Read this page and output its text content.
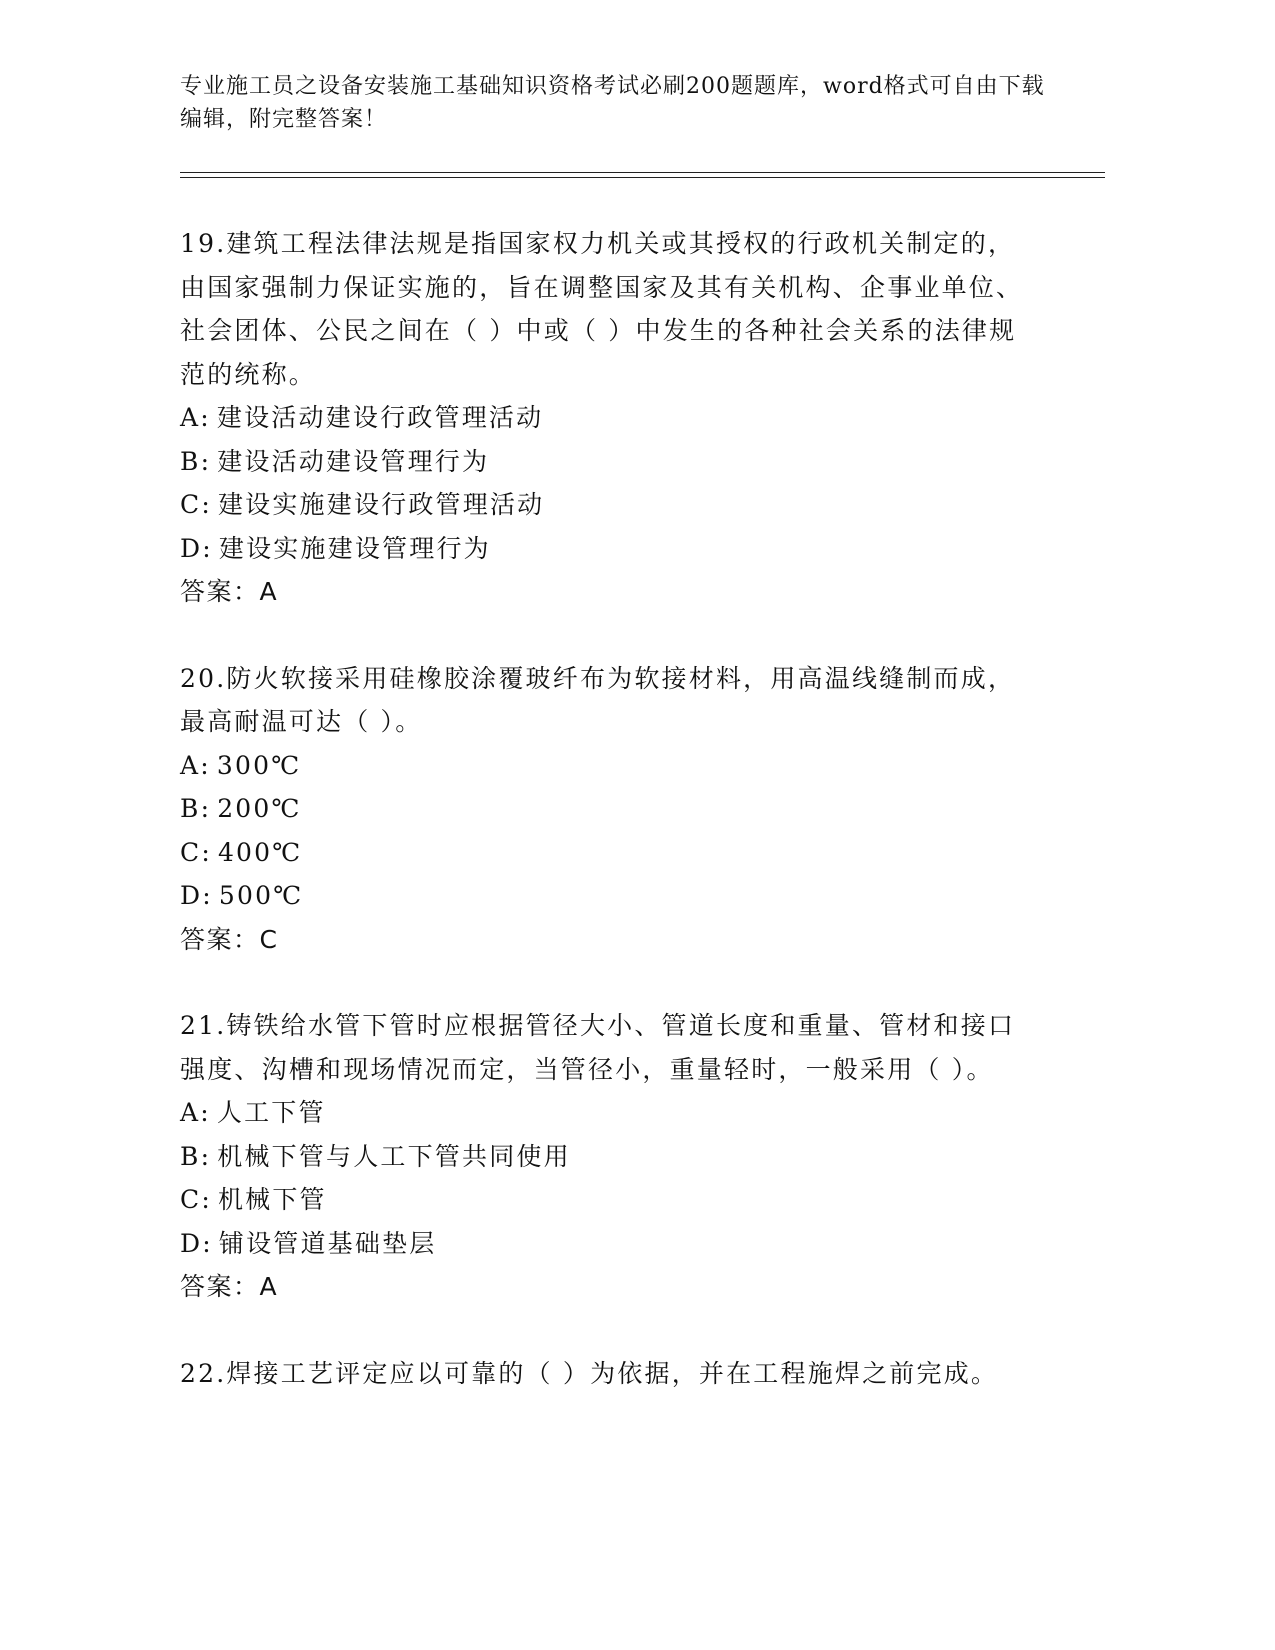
专业施工员之设备安装施工基础知识资格考试必刷200题题库，word格式可自由下载编辑，附完整答案！

19.建筑工程法律法规是指国家权力机关或其授权的行政机关制定的，由国家强制力保证实施的，旨在调整国家及其有关机构、企事业单位、社会团体、公民之间在（ ）中或（ ）中发生的各种社会关系的法律规范的统称。

A: 建设活动建设行政管理活动

B: 建设活动建设管理行为

C: 建设实施建设行政管理活动

D: 建设实施建设管理行为

答案：A

20.防火软接采用硅橡胶涂覆玻纤布为软接材料，用高温线缝制而成，最高耐温可达（ ）。

A: 300℃

B: 200℃

C: 400℃

D: 500℃

答案：C

21.铸铁给水管下管时应根据管径大小、管道长度和重量、管材和接口强度、沟槽和现场情况而定，当管径小，重量轻时，一般采用（ ）。

A: 人工下管

B: 机械下管与人工下管共同使用

C: 机械下管

D: 铺设管道基础垫层

答案：A

22.焊接工艺评定应以可靠的（ ）为依据，并在工程施焊之前完成。
